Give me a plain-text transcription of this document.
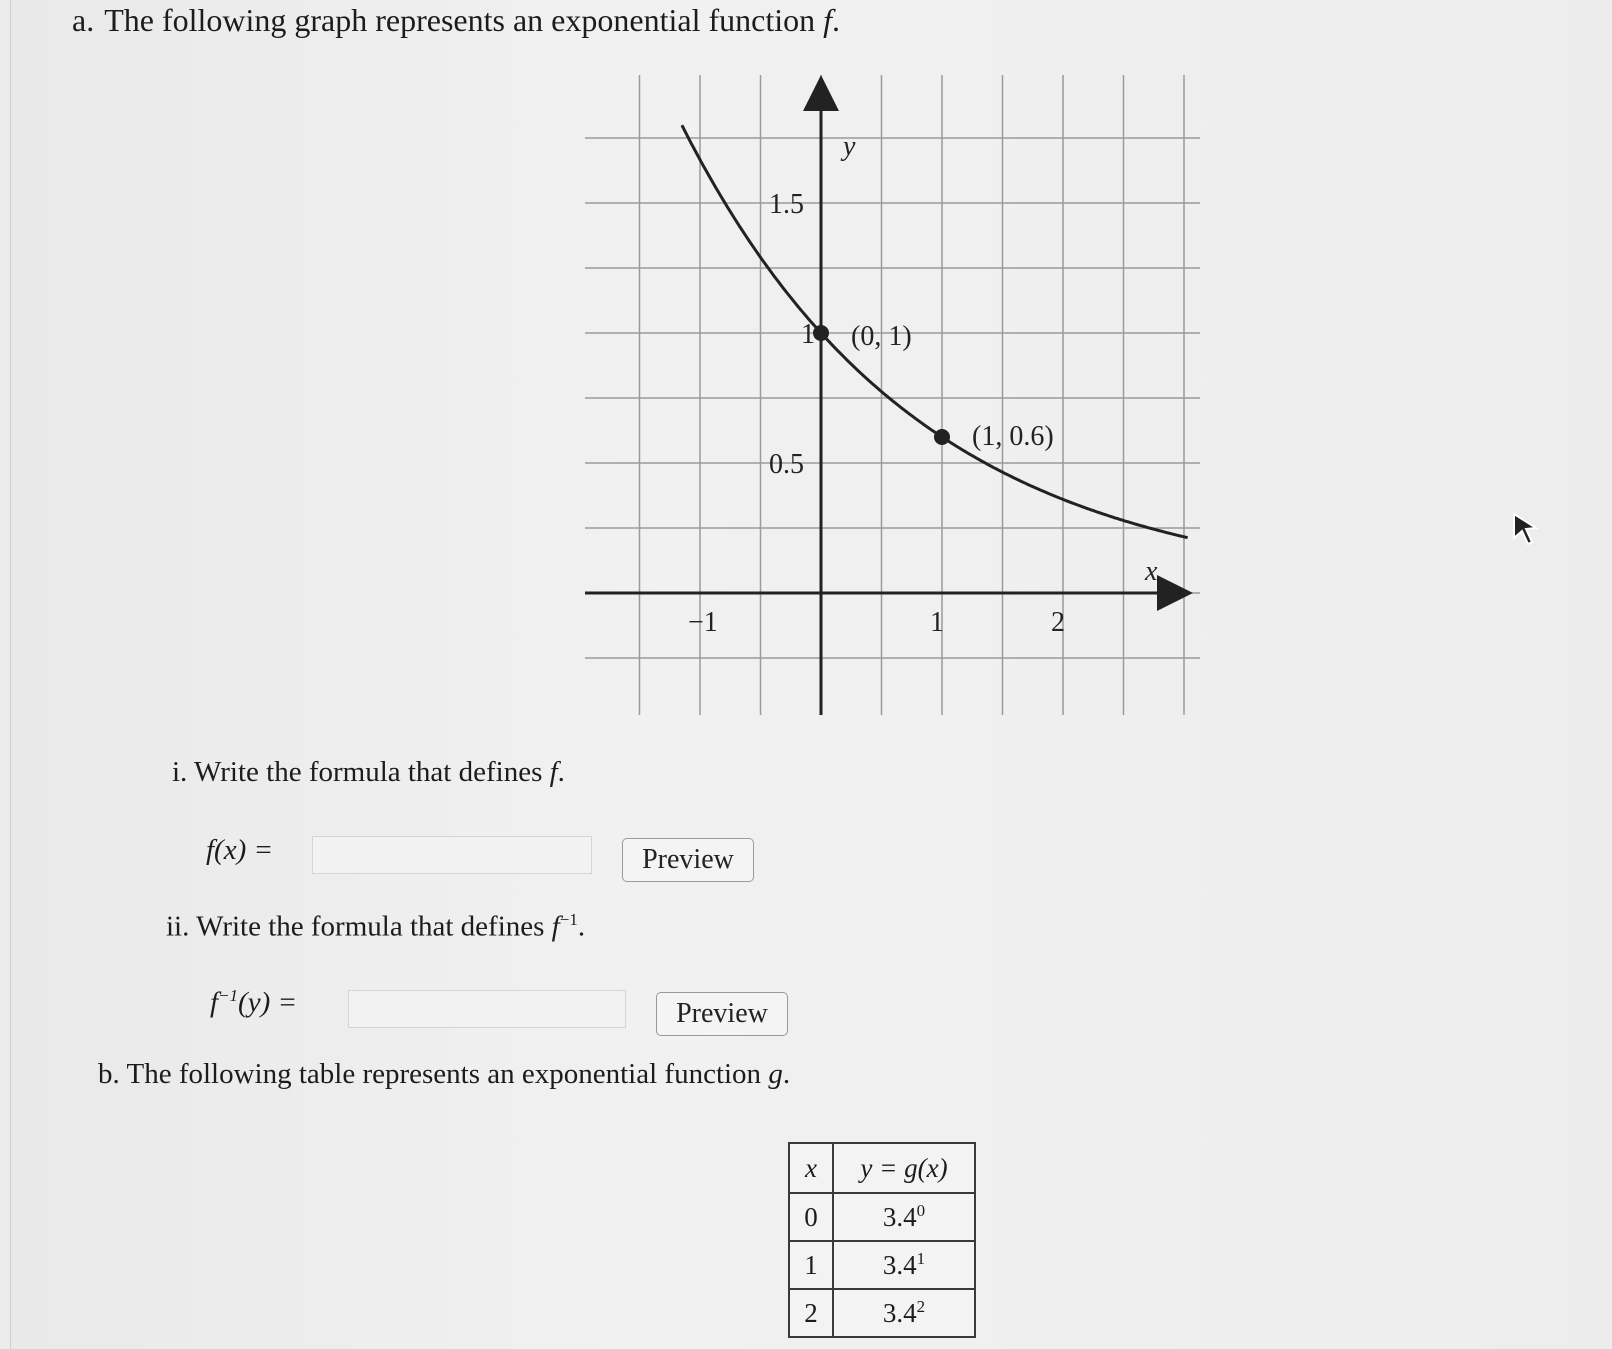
a. The following graph represents an exponential function f.
y
x
−1	1	2
0.5
1
1.5
(0, 1)
(1, 0.6)
i. Write the formula that defines f.
f(x) =	Preview
ii. Write the formula that defines $f^{-1}$.
$f^{-1}(y)$ =	Preview
b. The following table represents an exponential function g.
x	y = g(x)
0	$3.4^0$
1	$3.4^1$
2	$3.4^2$
